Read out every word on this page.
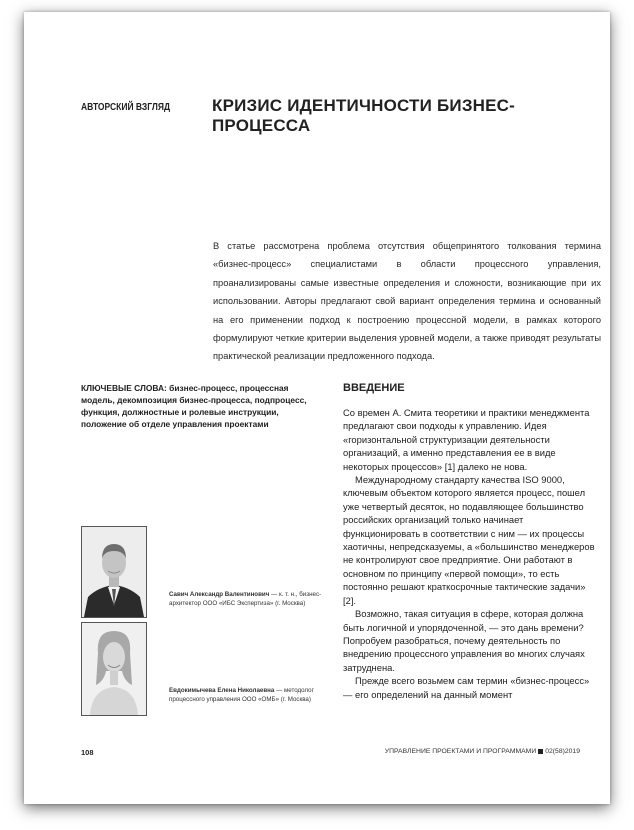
АВТОРСКИЙ ВЗГЛЯД КРИЗИС ИДЕНТИЧНОСТИ БИЗНЕС-ПРОЦЕССА
В статье рассмотрена проблема отсутствия общепринятого толкования термина «бизнес-процесс» специалистами в области процессного управления, проанализированы самые известные определения и сложности, возникающие при их использовании. Авторы предлагают свой вариант определения термина и основанный на его применении подход к построению процессной модели, в рамках которого формулируют четкие критерии выделения уровней модели, а также приводят результаты практической реализации предложенного подхода.
КЛЮЧЕВЫЕ СЛОВА: бизнес-процесс, процессная модель, декомпозиция бизнес-процесса, подпроцесс, функция, должностные и ролевые инструкции, положение об отделе управления проектами
Савич Александр Валентинович — к. т. н., бизнес-архитектор ООО «ИБС Экспертиза» (г. Москва)
Евдокимычева Елена Николаевна — методолог процессного управления ООО «ОМБ» (г. Москва)
ВВЕДЕНИЕ

Со времен А. Смита теоретики и практики менеджмента предлагают свои подходы к управлению. Идея «горизонтальной структуризации деятельности организаций, а именно представления ее в виде некоторых процессов» [1] далеко не нова.

Международному стандарту качества ISO 9000, ключевым объектом которого является процесс, пошел уже четвертый десяток, но подавляющее большинство российских организаций только начинает функционировать в соответствии с ним — их процессы хаотичны, непредсказуемы, а «большинство менеджеров не контролируют свое предприятие. Они работают в основном по принципу «первой помощи», то есть постоянно решают краткосрочные тактические задачи» [2].

Возможно, такая ситуация в сфере, которая должна быть логичной и упорядоченной, — это дань времени? Попробуем разобраться, почему деятельность по внедрению процессного управления во многих случаях затруднена.

Прежде всего возьмем сам термин «бизнес-процесс» — его определений на данный момент

108	УПРАВЛЕНИЕ ПРОЕКТАМИ И ПРОГРАММАМИ 02(58)2019
